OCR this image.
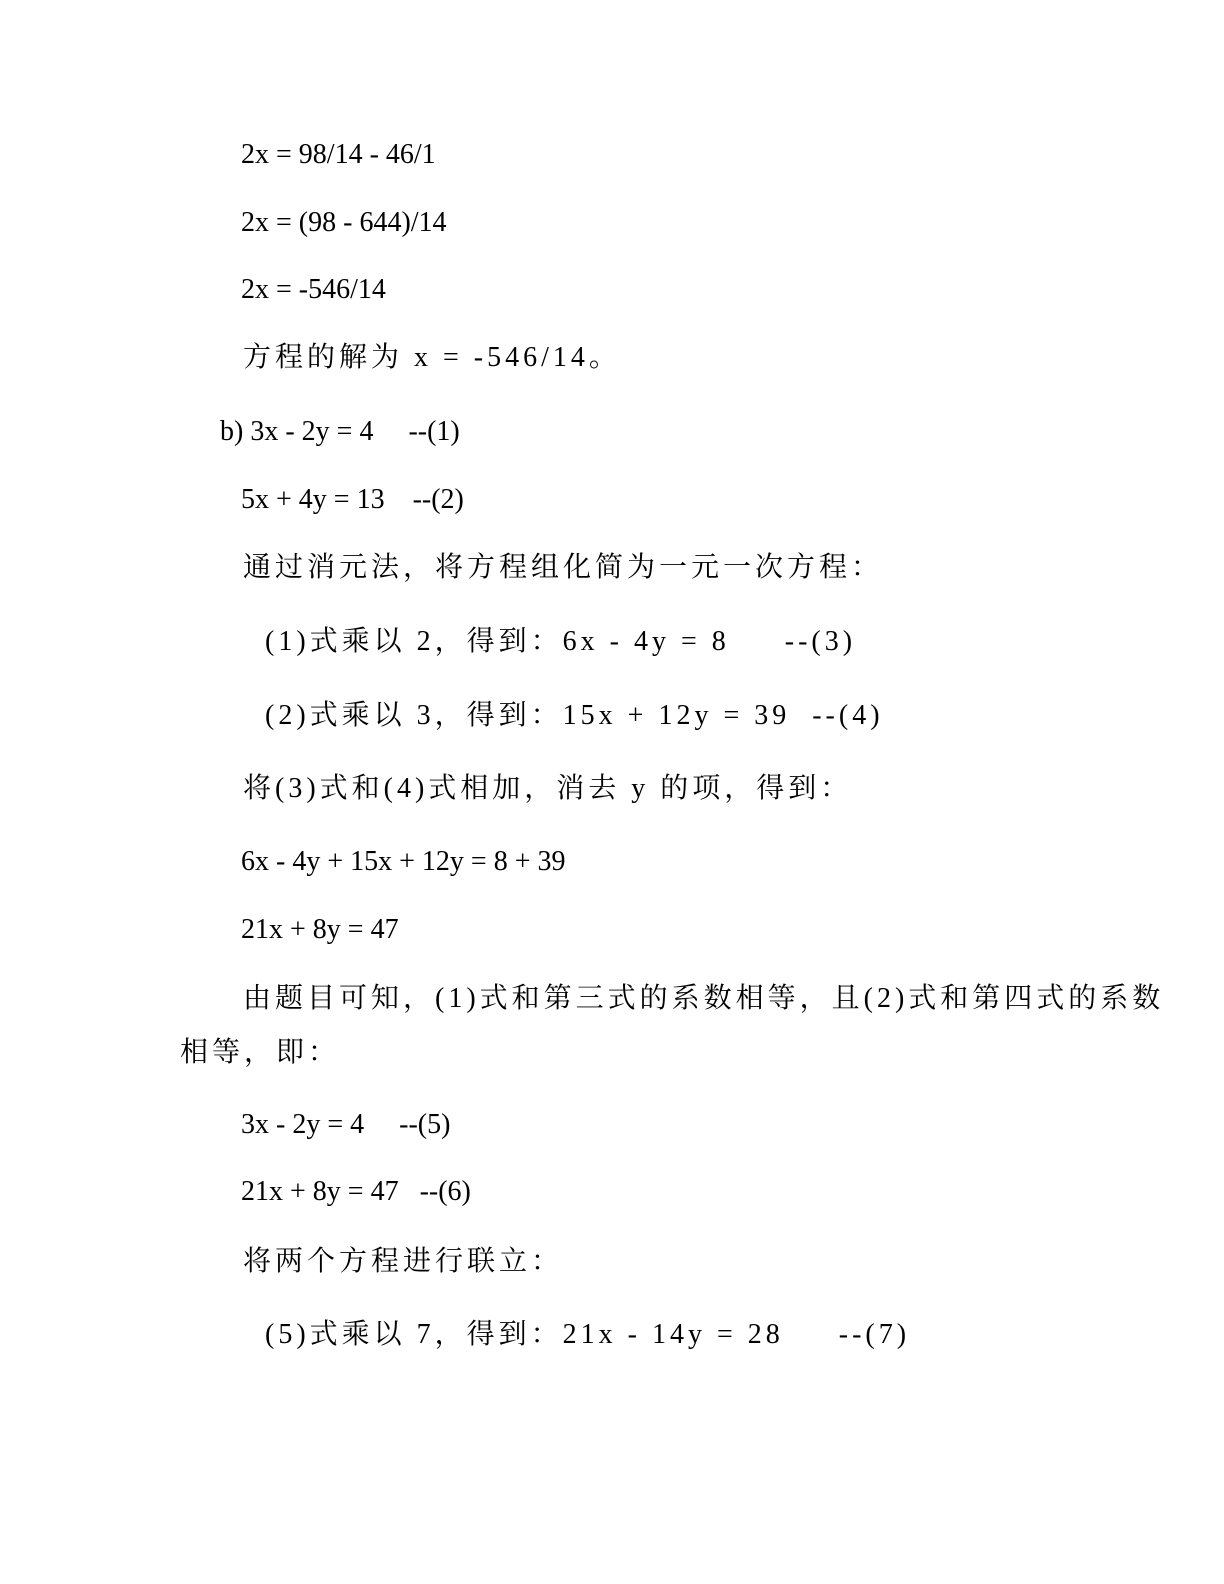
2x = 98/14 - 46/1
2x = (98 - 644)/14
2x = -546/14
方程的解为 x = -546/14。
b) 3x - 2y = 4     --(1)
5x + 4y = 13    --(2)
通过消元法，将方程组化简为一元一次方程：
(1)式乘以 2，得到：6x - 4y = 8     --(3)
(2)式乘以 3，得到：15x + 12y = 39  --(4)
将(3)式和(4)式相加，消去 y 的项，得到：
6x - 4y + 15x + 12y = 8 + 39
21x + 8y = 47
由题目可知，(1)式和第三式的系数相等，且(2)式和第四式的系数
相等，即：
3x - 2y = 4     --(5)
21x + 8y = 47   --(6)
将两个方程进行联立：
(5)式乘以 7，得到：21x - 14y = 28     --(7)
